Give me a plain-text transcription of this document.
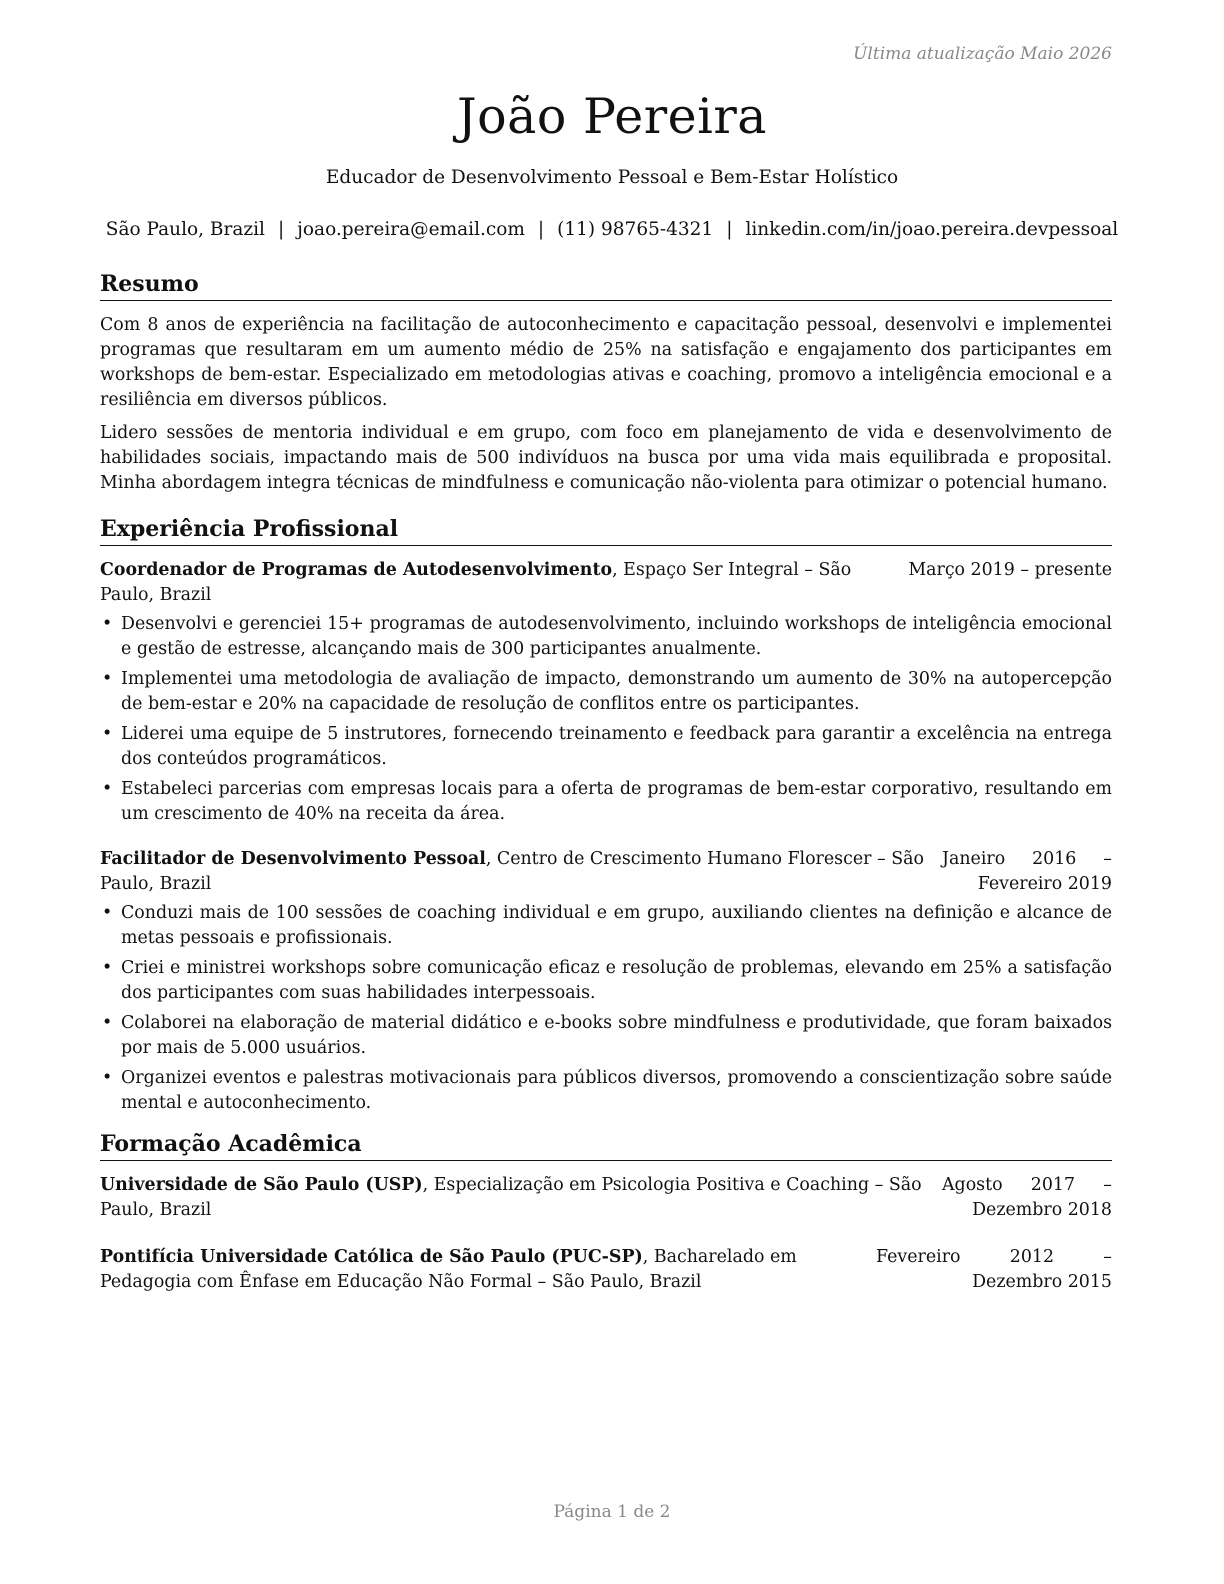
Última atualização Maio 2026
João Pereira
Educador de Desenvolvimento Pessoal e Bem-Estar Holístico
São Paulo, Brazil | joao.pereira@email.com | (11) 98765-4321 | linkedin.com/in/joao.pereira.devpessoal
Resumo

Com 8 anos de experiência na facilitação de autoconhecimento e capacitação pessoal, desenvolvi e implementei programas que resultaram em um aumento médio de 25% na satisfação e engajamento dos participantes em workshops de bem-estar. Especializado em metodologias ativas e coaching, promovo a inteligência emocional e a resiliência em diversos públicos.

Lidero sessões de mentoria individual e em grupo, com foco em planejamento de vida e desenvolvimento de habilidades sociais, impactando mais de 500 indivíduos na busca por uma vida mais equilibrada e proposital. Minha abordagem integra técnicas de mindfulness e comunicação não-violenta para otimizar o potencial humano.

Experiência Profissional
Coordenador de Programas de Autodesenvolvimento, Espaço Ser Integral – São Paulo, Brazil
Março 2019 – presente
• Desenvolvi e gerenciei 15+ programas de autodesenvolvimento, incluindo workshops de inteligência emocional e gestão de estresse, alcançando mais de 300 participantes anualmente.
• Implementei uma metodologia de avaliação de impacto, demonstrando um aumento de 30% na autopercepção de bem-estar e 20% na capacidade de resolução de conflitos entre os participantes.
• Liderei uma equipe de 5 instrutores, fornecendo treinamento e feedback para garantir a excelência na entrega dos conteúdos programáticos.
• Estabeleci parcerias com empresas locais para a oferta de programas de bem-estar corporativo, resultando em um crescimento de 40% na receita da área.
Facilitador de Desenvolvimento Pessoal, Centro de Crescimento Humano Florescer – São Paulo, Brazil
Janeiro 2016 – Fevereiro 2019
• Conduzi mais de 100 sessões de coaching individual e em grupo, auxiliando clientes na definição e alcance de metas pessoais e profissionais.
• Criei e ministrei workshops sobre comunicação eficaz e resolução de problemas, elevando em 25% a satisfação dos participantes com suas habilidades interpessoais.
• Colaborei na elaboração de material didático e e-books sobre mindfulness e produtividade, que foram baixados por mais de 5.000 usuários.
• Organizei eventos e palestras motivacionais para públicos diversos, promovendo a conscientização sobre saúde mental e autoconhecimento.
Formação Acadêmica
Universidade de São Paulo (USP), Especialização em Psicologia Positiva e Coaching – São Paulo, Brazil
Agosto 2017 – Dezembro 2018
Pontifícia Universidade Católica de São Paulo (PUC-SP), Bacharelado em Pedagogia com Ênfase em Educação Não Formal – São Paulo, Brazil
Fevereiro 2012 – Dezembro 2015
Página 1 de 2
